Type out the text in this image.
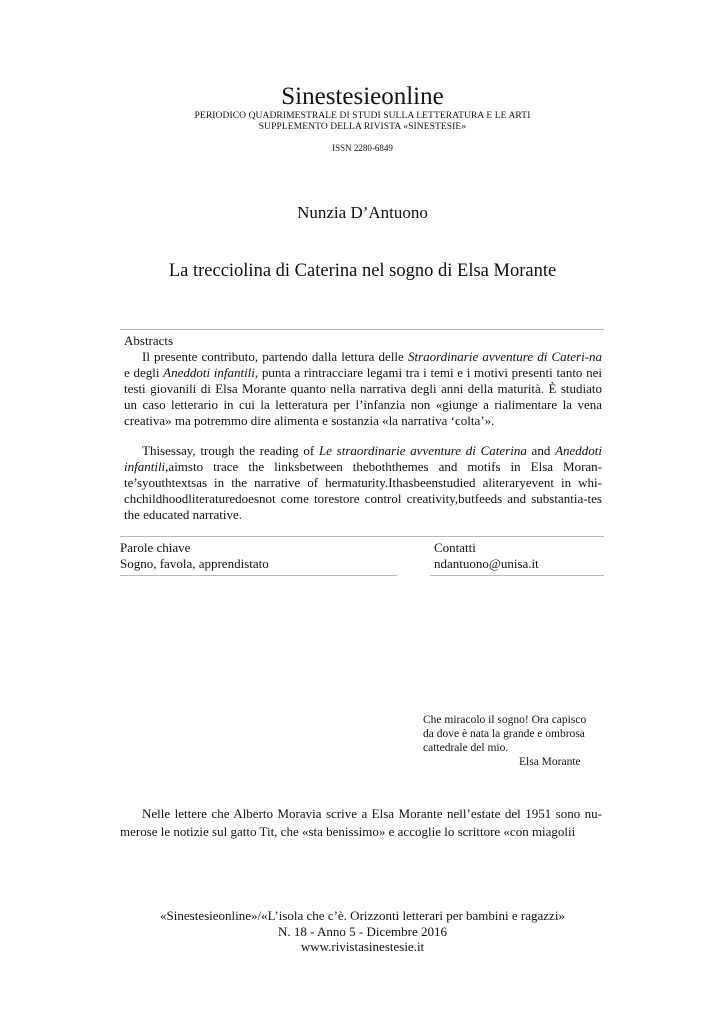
Sinestesieonline
PERIODICO QUADRIMESTRALE DI STUDI SULLA LETTERATURA E LE ARTI
SUPPLEMENTO DELLA RIVISTA «SINESTESIE»
ISSN 2280-6849
Nunzia D’Antuono
La trecciolina di Caterina nel sogno di Elsa Morante
Abstracts

Il presente contributo, partendo dalla lettura delle Straordinarie avventure di Cateri-na e degli Aneddoti infantili, punta a rintracciare legami tra i temi e i motivi presenti tanto nei testi giovanili di Elsa Morante quanto nella narrativa degli anni della maturità. È studiato un caso letterario in cui la letteratura per l’infanzia non «giunge a rialimentare la vena creativa» ma potremmo dire alimenta e sostanzia «la narrativa ‘colta’».

Thisessay, trough the reading of Le straordinarie avventure di Caterina and Aneddoti infantili,aimsto trace the linksbetween theboththemes and motifs in Elsa Moran-te’syouthtextsas in the narrative of hermaturity.Ithasbeenstudied aliteraryevent in whi-chchildhoodliteraturedoesnot come torestore control creativity,butfeeds and substantia-tes the educated narrative.

Parole chiave
Sogno, favola, apprendistato
Contatti
ndantuono@unisa.it
Che miracolo il sogno! Ora capisco
da dove è nata la grande e ombrosa
cattedrale del mio.
Elsa Morante
Nelle lettere che Alberto Moravia scrive a Elsa Morante nell’estate del 1951 sono nu-merose le notizie sul gatto Tit, che «sta benissimo» e accoglie lo scrittore «con miagolii
«Sinestesieonline»/«L’isola che c’è. Orizzonti letterari per bambini e ragazzi»
N. 18 - Anno 5 - Dicembre 2016
www.rivistasinestesie.it
